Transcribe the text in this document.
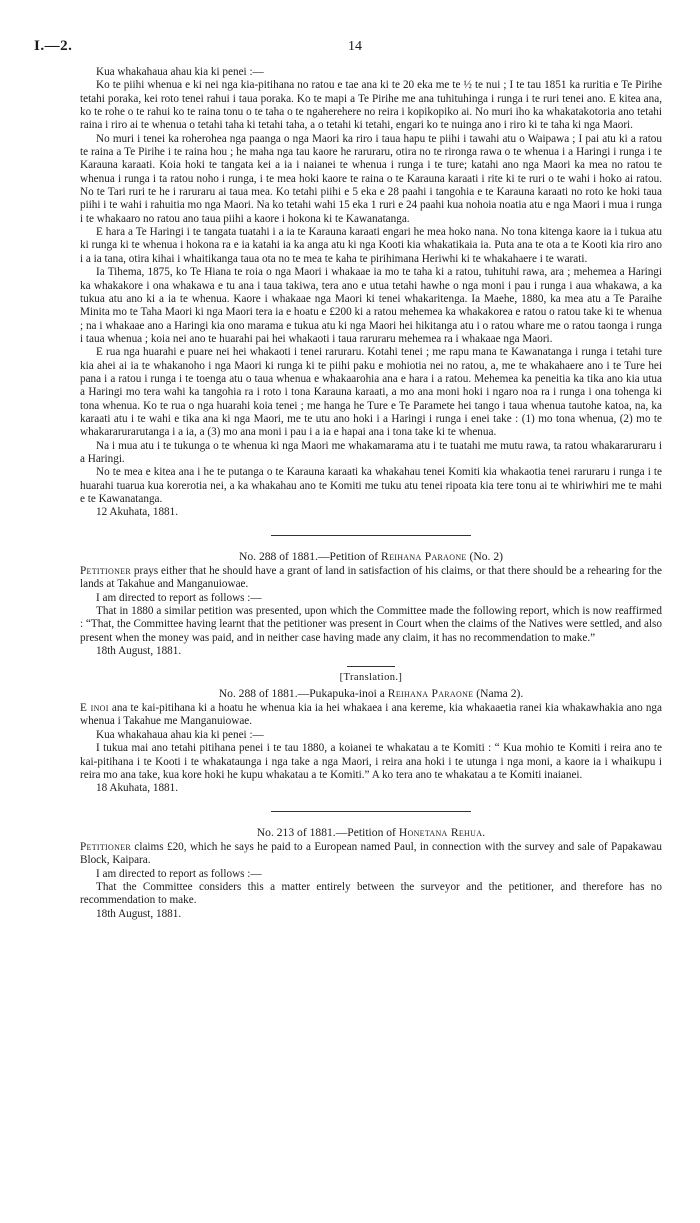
I.—2.	14

Kua whakahaua ahau kia ki penei :—

Ko te piihi whenua e ki nei nga kia-pitihana no ratou e tae ana ki te 20 eka me te ½ te nui ; I te tau 1851 ka ruritia e Te Pirihe tetahi poraka, kei roto tenei rahui i taua poraka. Ko te mapi a Te Pirihe me ana tuhituhinga i runga i te ruri tenei ano. E kitea ana, ko te rohe o te rahui ko te raina tonu o te taha o te ngaherehere no reira i kopikopiko ai. No muri iho ka whakatakotoria ano tetahi raina i riro ai te whenua o tetahi taha ki tetahi taha, a o tetahi ki tetahi, engari ko te nuinga ano i riro ki te taha ki nga Maori.

No muri i tenei ka roherohea nga paanga o nga Maori ka riro i taua hapu te piihi i tawahi atu o Waipawa ; I pai atu ki a ratou te raina a Te Pirihe i te raina hou ; he maha nga tau kaore he raruraru, otira no te rironga rawa o te whenua i a Haringi i runga i te Karauna karaati. Koia hoki te tangata kei a ia i naianei te whenua i runga i te ture; katahi ano nga Maori ka mea no ratou te whenua i runga i ta ratou noho i runga, i te mea hoki kaore te raina o te Karauna karaati i rite ki te ruri o te wahi i hoko ai ratou. No te Tari ruri te he i raruraru ai taua mea. Ko tetahi piihi e 5 eka e 28 paahi i tangohia e te Karauna karaati no roto ke hoki taua piihi i te wahi i rahuitia mo nga Maori. Na ko tetahi wahi 15 eka 1 ruri e 24 paahi kua nohoia noatia atu e nga Maori i mua i runga i te whakaaro no ratou ano taua piihi a kaore i hokona ki te Kawanatanga.

E hara a Te Haringi i te tangata tuatahi i a ia te Karauna karaati engari he mea hoko nana. No tona kitenga kaore ia i tukua atu ki runga ki te whenua i hokona ra e ia katahi ia ka anga atu ki nga Kooti kia whakatikaia ia. Puta ana te ota a te Kooti kia riro ano i a ia tana, otira kihai i whaitikanga taua ota no te mea te kaha te pirihimana Heriwhi ki te whakahaere i te warati.

Ia Tihema, 1875, ko Te Hiana te roia o nga Maori i whakaae ia mo te taha ki a ratou, tuhituhi rawa, ara ; mehemea a Haringi ka whakakore i ona whakawa e tu ana i taua takiwa, tera ano e utua tetahi hawhe o nga moni i pau i runga i aua whakawa, a ka tukua atu ano ki a ia te whenua. Kaore i whakaae nga Maori ki tenei whakaritenga. Ia Maehe, 1880, ka mea atu a Te Paraihe Minita mo te Taha Maori ki nga Maori tera ia e hoatu e £200 ki a ratou mehemea ka whakakorea e ratou o ratou take ki te whenua ; na i whakaae ano a Haringi kia ono marama e tukua atu ki nga Maori hei hikitanga atu i o ratou whare me o ratou taonga i runga i taua whenua ; koia nei ano te huarahi pai hei whakaoti i taua raruraru mehemea ra i whakaae nga Maori.

E rua nga huarahi e puare nei hei whakaoti i tenei raruraru. Kotahi tenei ; me rapu mana te Kawanatanga i runga i tetahi ture kia ahei ai ia te whakanoho i nga Maori ki runga ki te piihi paku e mohiotia nei no ratou, a, me te whakahaere ano i te Ture hei pana i a ratou i runga i te toenga atu o taua whenua e whakaarohia ana e hara i a ratou. Mehemea ka peneitia ka tika ano kia utua a Haringi mo tera wahi ka tangohia ra i roto i tona Karauna karaati, a mo ana moni hoki i ngaro noa ra i runga i ona tohenga ki tona whenua. Ko te rua o nga huarahi koia tenei ; me hanga he Ture e Te Paramete hei tango i taua whenua tautohe katoa, na, ka karaati atu i te wahi e tika ana ki nga Maori, me te utu ano hoki i a Haringi i runga i enei take : (1) mo tona whenua, (2) mo te whakararurarutanga i a ia, a (3) mo ana moni i pau i a ia e hapai ana i tona take ki te whenua.

Na i mua atu i te tukunga o te whenua ki nga Maori me whakamarama atu i te tuatahi me mutu rawa, ta ratou whakararuraru i a Haringi.

No te mea e kitea ana i he te putanga o te Karauna karaati ka whakahau tenei Komiti kia whakaotia tenei raruraru i runga i te huarahi tuarua kua korerotia nei, a ka whakahau ano te Komiti me tuku atu tenei ripoata kia tere tonu ai te whiriwhiri me te mahi e te Kawanatanga.

12 Akuhata, 1881.

No. 288 of 1881.—Petition of Reihana Paraone (No. 2)

Petitioner prays either that he should have a grant of land in satisfaction of his claims, or that there should be a rehearing for the lands at Takahue and Manganuiowae.

I am directed to report as follows :—

That in 1880 a similar petition was presented, upon which the Committee made the following report, which is now reaffirmed : “That, the Committee having learnt that the petitioner was present in Court when the claims of the Natives were settled, and also present when the money was paid, and in neither case having made any claim, it has no recommendation to make.”

18th August, 1881.

[Translation.]

No. 288 of 1881.—Pukapuka-inoi a Reihana Paraone (Nama 2).

E inoi ana te kai-pitihana ki a hoatu he whenua kia ia hei whakaea i ana kereme, kia whakaaetia ranei kia whakawhakia ano nga whenua i Takahue me Manganuiowae.

Kua whakahaua ahau kia ki penei :—

I tukua mai ano tetahi pitihana penei i te tau 1880, a koianei te whakatau a te Komiti : “ Kua mohio te Komiti i reira ano te kai-pitihana i te Kooti i te whakataunga i nga take a nga Maori, i reira ana hoki i te utunga i nga moni, a kaore ia i whaikupu i reira mo ana take, kua kore hoki he kupu whakatau a te Komiti.” A ko tera ano te whakatau a te Komiti inaianei.

18 Akuhata, 1881.

No. 213 of 1881.—Petition of Honetana Rehua.

Petitioner claims £20, which he says he paid to a European named Paul, in connection with the survey and sale of Papakawau Block, Kaipara.

I am directed to report as follows :—

That the Committee considers this a matter entirely between the surveyor and the petitioner, and therefore has no recommendation to make.

18th August, 1881.
